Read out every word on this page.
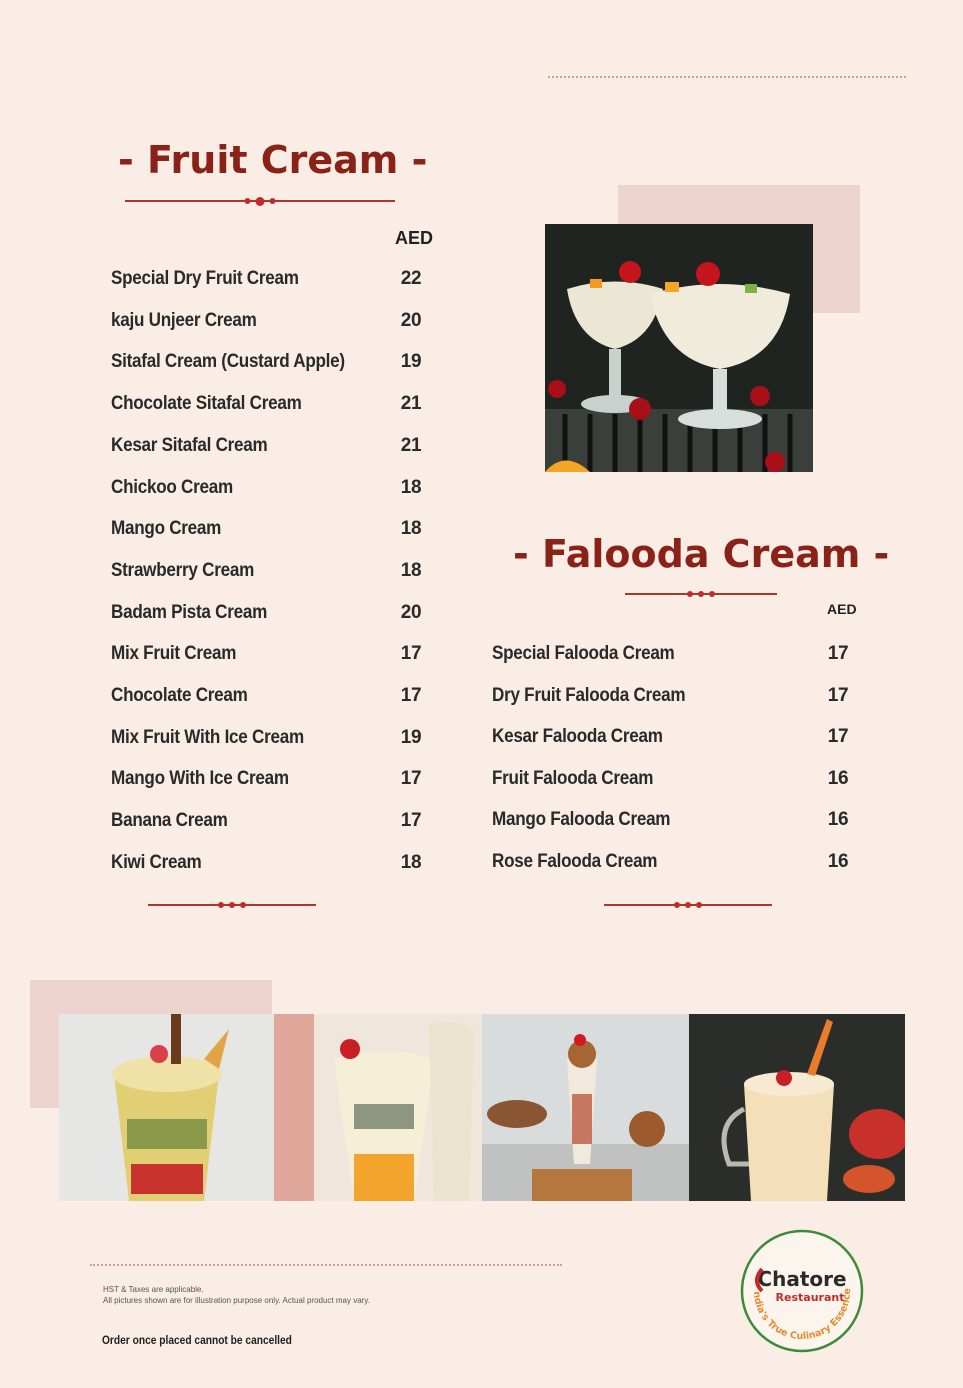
- Fruit Cream -
AED
Special Dry Fruit Cream	22
kaju Unjeer Cream	20
Sitafal Cream (Custard Apple)	19
Chocolate Sitafal Cream	21
Kesar Sitafal Cream	21
Chickoo Cream	18
Mango Cream	18
Strawberry Cream	18
Badam Pista Cream	20
Mix Fruit Cream	17
Chocolate Cream	17
Mix Fruit With Ice Cream	19
Mango With Ice Cream	17
Banana Cream	17
Kiwi Cream	18
- Falooda Cream -
AED
Special Falooda Cream	17
Dry Fruit Falooda Cream	17
Kesar Falooda Cream	17
Fruit Falooda Cream	16
Mango Falooda Cream	16
Rose Falooda Cream	16
HST & Taxes are applicable.
All pictures shown are for illustration purpose only. Actual product may vary.
Order once placed cannot be cancelled
Chatore
Restaurant
ndia's True Culinary Essence
